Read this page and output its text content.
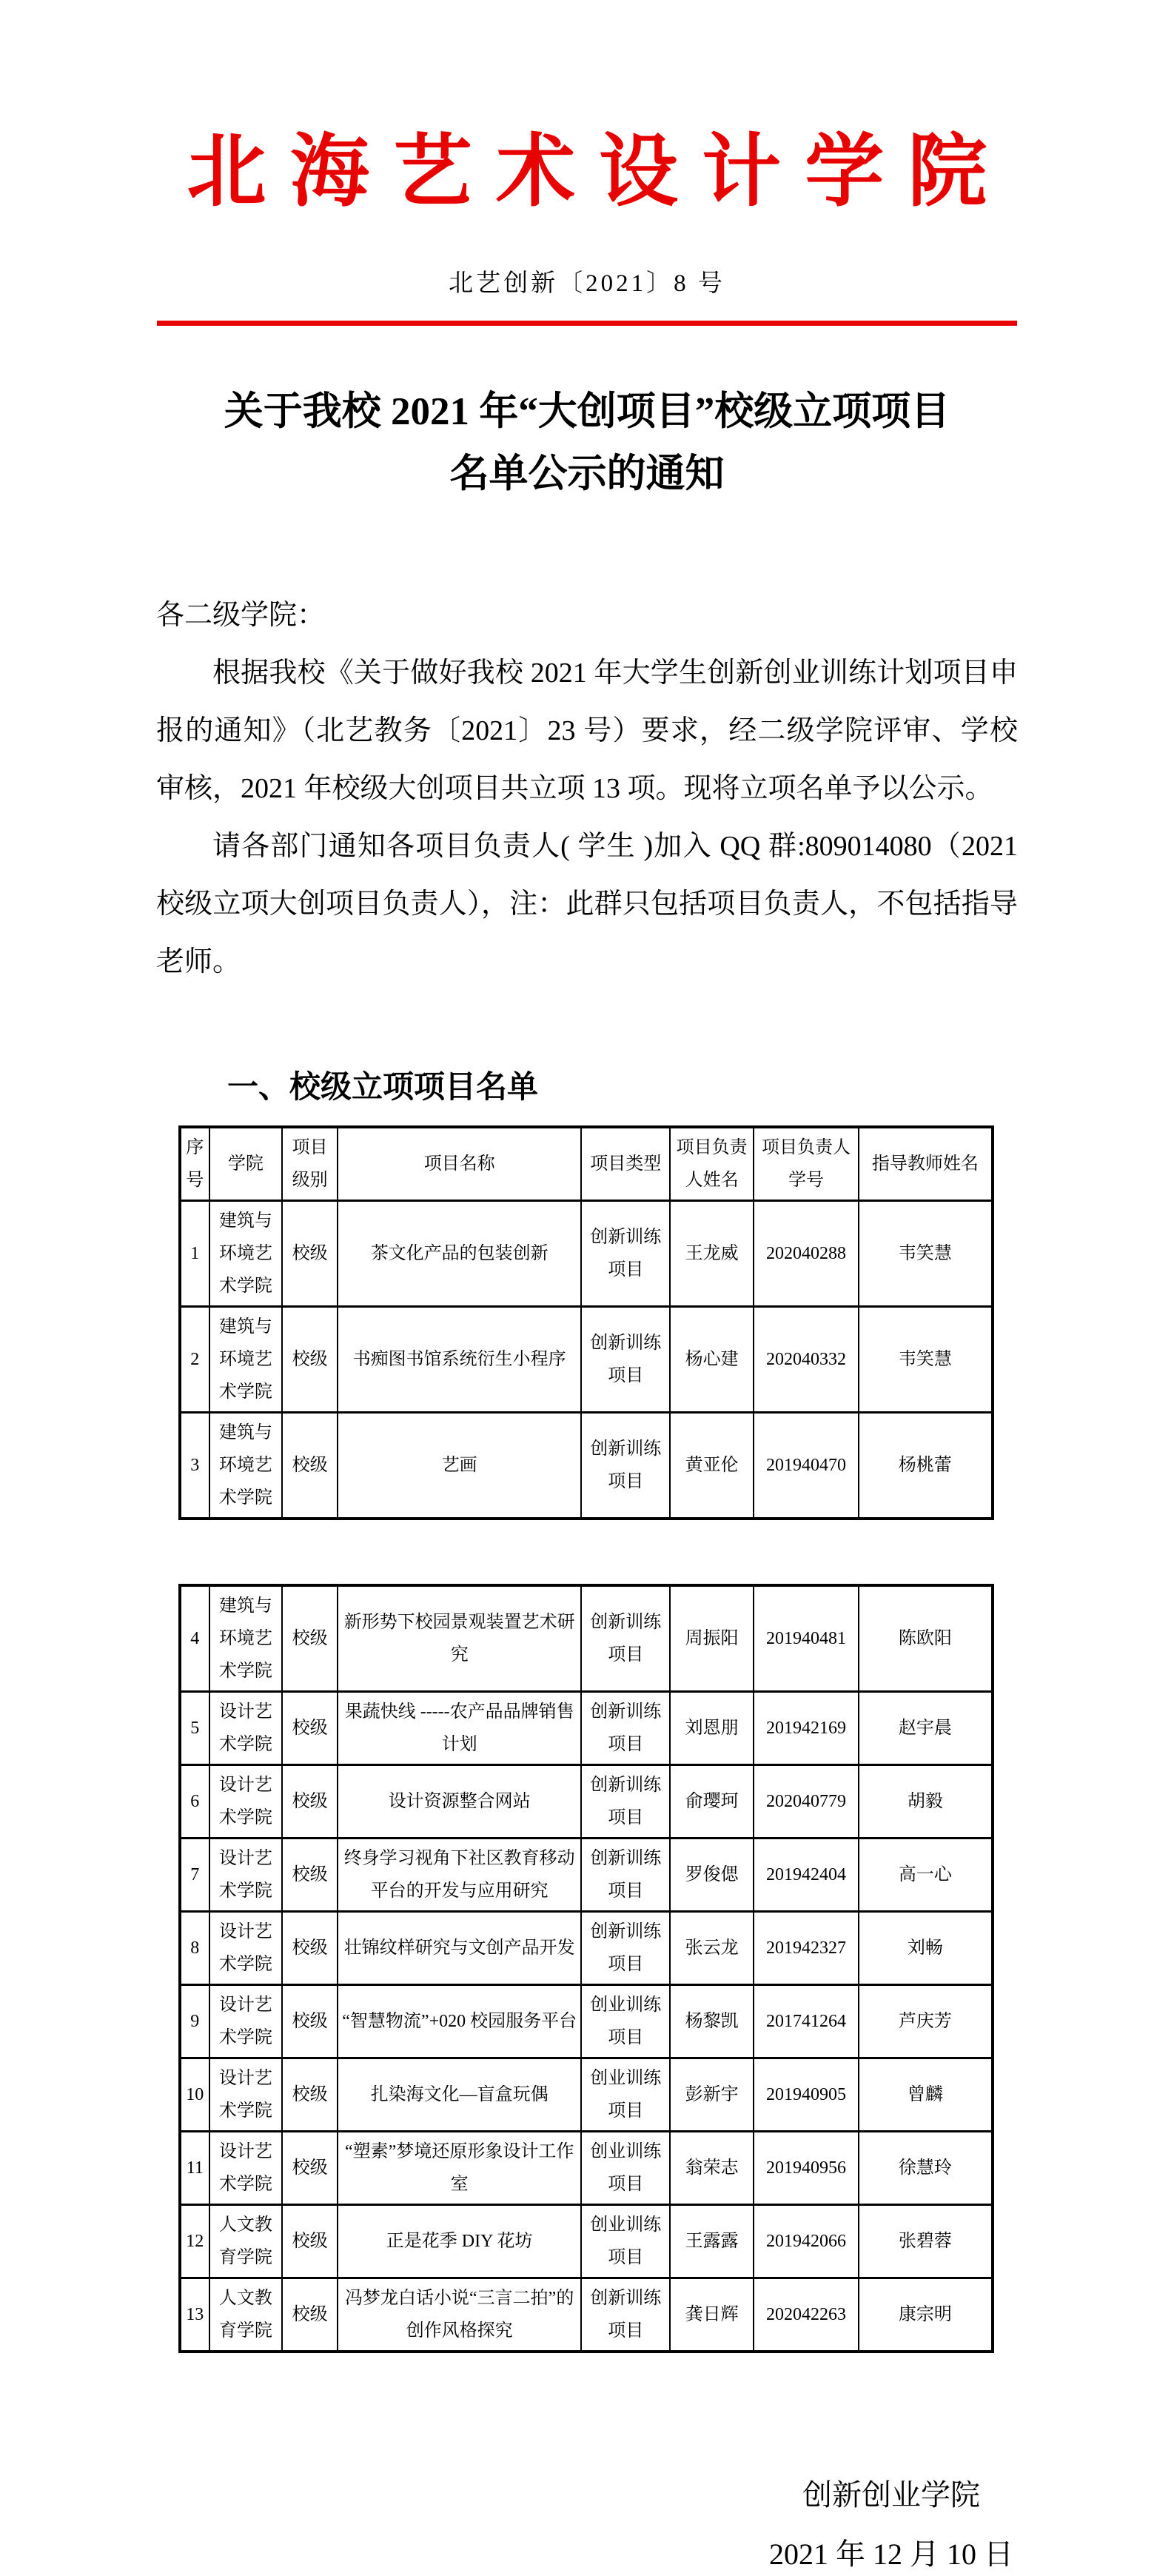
北海艺术设计学院
北艺创新〔2021〕8 号
关于我校 2021 年“大创项目”校级立项项目名单公示的通知
各二级学院：

根据我校《关于做好我校 2021 年大学生创新创业训练计划项目申报的通知》（北艺教务〔2021〕23 号）要求，经二级学院评审、学校审核，2021 年校级大创项目共立项 13 项。现将立项名单予以公示。

请各部门通知各项目负责人( 学生 )加入 QQ 群:809014080（2021 校级立项大创项目负责人），注：此群只包括项目负责人，不包括指导老师。

一、校级立项项目名单
序号	学院	项目级别	项目名称	项目类型	项目负责人姓名	项目负责人学号	指导教师姓名
1	建筑与环境艺术学院	校级	茶文化产品的包装创新	创新训练项目	王龙威	202040288	韦笑慧
2	建筑与环境艺术学院	校级	书痴图书馆系统衍生小程序	创新训练项目	杨心建	202040332	韦笑慧
3	建筑与环境艺术学院	校级	艺画	创新训练项目	黄亚伦	201940470	杨桃蕾
4	建筑与环境艺术学院	校级	新形势下校园景观装置艺术研究	创新训练项目	周振阳	201940481	陈欧阳
5	设计艺术学院	校级	果蔬快线 -----农产品品牌销售计划	创新训练项目	刘恩朋	201942169	赵宇晨
6	设计艺术学院	校级	设计资源整合网站	创新训练项目	俞璎珂	202040779	胡毅
7	设计艺术学院	校级	终身学习视角下社区教育移动平台的开发与应用研究	创新训练项目	罗俊偲	201942404	高一心
8	设计艺术学院	校级	壮锦纹样研究与文创产品开发	创新训练项目	张云龙	201942327	刘畅
9	设计艺术学院	校级	“智慧物流”+020 校园服务平台	创业训练项目	杨黎凯	201741264	芦庆芳
10	设计艺术学院	校级	扎染海文化—盲盒玩偶	创业训练项目	彭新宇	201940905	曾麟
11	设计艺术学院	校级	“塑素”梦境还原形象设计工作室	创业训练项目	翁荣志	201940956	徐慧玲
12	人文教育学院	校级	正是花季 DIY 花坊	创业训练项目	王露露	201942066	张碧蓉
13	人文教育学院	校级	冯梦龙白话小说“三言二拍”的创作风格探究	创新训练项目	龚日辉	202042263	康宗明
创新创业学院
2021 年 12 月 10 日
